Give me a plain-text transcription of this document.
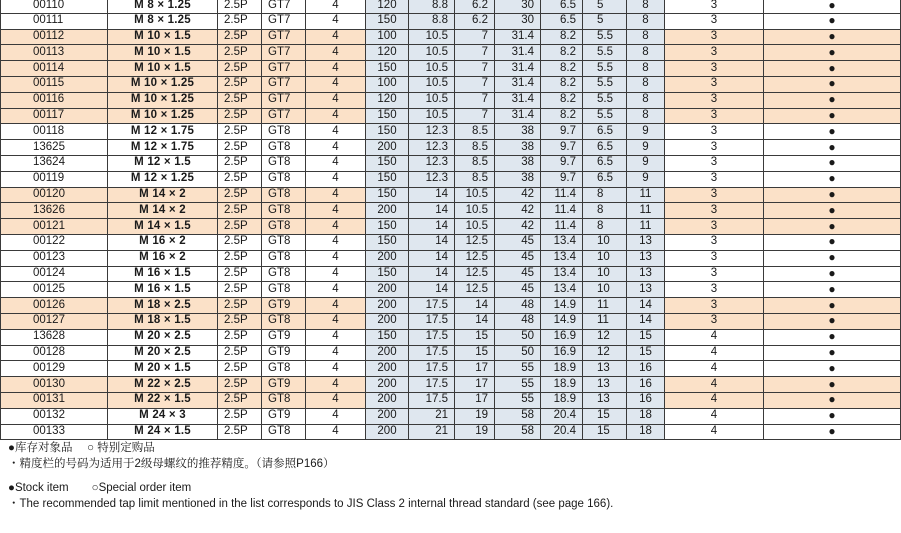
00110	M 8 × 1.25	2.5P	GT7	4	120	8.8	6.2	30	6.5	5	8	3	●
00111	M 8 × 1.25	2.5P	GT7	4	150	8.8	6.2	30	6.5	5	8	3	●
00112	M 10 × 1.5	2.5P	GT7	4	100	10.5	7	31.4	8.2	5.5	8	3	●
00113	M 10 × 1.5	2.5P	GT7	4	120	10.5	7	31.4	8.2	5.5	8	3	●
00114	M 10 × 1.5	2.5P	GT7	4	150	10.5	7	31.4	8.2	5.5	8	3	●
00115	M 10 × 1.25	2.5P	GT7	4	100	10.5	7	31.4	8.2	5.5	8	3	●
00116	M 10 × 1.25	2.5P	GT7	4	120	10.5	7	31.4	8.2	5.5	8	3	●
00117	M 10 × 1.25	2.5P	GT7	4	150	10.5	7	31.4	8.2	5.5	8	3	●
00118	M 12 × 1.75	2.5P	GT8	4	150	12.3	8.5	38	9.7	6.5	9	3	●
13625	M 12 × 1.75	2.5P	GT8	4	200	12.3	8.5	38	9.7	6.5	9	3	●
13624	M 12 × 1.5	2.5P	GT8	4	150	12.3	8.5	38	9.7	6.5	9	3	●
00119	M 12 × 1.25	2.5P	GT8	4	150	12.3	8.5	38	9.7	6.5	9	3	●
00120	M 14 × 2	2.5P	GT8	4	150	14	10.5	42	11.4	8	11	3	●
13626	M 14 × 2	2.5P	GT8	4	200	14	10.5	42	11.4	8	11	3	●
00121	M 14 × 1.5	2.5P	GT8	4	150	14	10.5	42	11.4	8	11	3	●
00122	M 16 × 2	2.5P	GT8	4	150	14	12.5	45	13.4	10	13	3	●
00123	M 16 × 2	2.5P	GT8	4	200	14	12.5	45	13.4	10	13	3	●
00124	M 16 × 1.5	2.5P	GT8	4	150	14	12.5	45	13.4	10	13	3	●
00125	M 16 × 1.5	2.5P	GT8	4	200	14	12.5	45	13.4	10	13	3	●
00126	M 18 × 2.5	2.5P	GT9	4	200	17.5	14	48	14.9	11	14	3	●
00127	M 18 × 1.5	2.5P	GT8	4	200	17.5	14	48	14.9	11	14	3	●
13628	M 20 × 2.5	2.5P	GT9	4	150	17.5	15	50	16.9	12	15	4	●
00128	M 20 × 2.5	2.5P	GT9	4	200	17.5	15	50	16.9	12	15	4	●
00129	M 20 × 1.5	2.5P	GT8	4	200	17.5	17	55	18.9	13	16	4	●
00130	M 22 × 2.5	2.5P	GT9	4	200	17.5	17	55	18.9	13	16	4	●
00131	M 22 × 1.5	2.5P	GT8	4	200	17.5	17	55	18.9	13	16	4	●
00132	M 24 × 3	2.5P	GT9	4	200	21	19	58	20.4	15	18	4	●
00133	M 24 × 1.5	2.5P	GT8	4	200	21	19	58	20.4	15	18	4	●
●库存对象品　 ○ 特别定购品
・精度栏的号码为适用于2级母螺纹的推荐精度。（请参照P166）
●Stock item　　○Special order item
・The recommended tap limit mentioned in the list corresponds to JIS Class 2 internal thread standard (see page 166).
